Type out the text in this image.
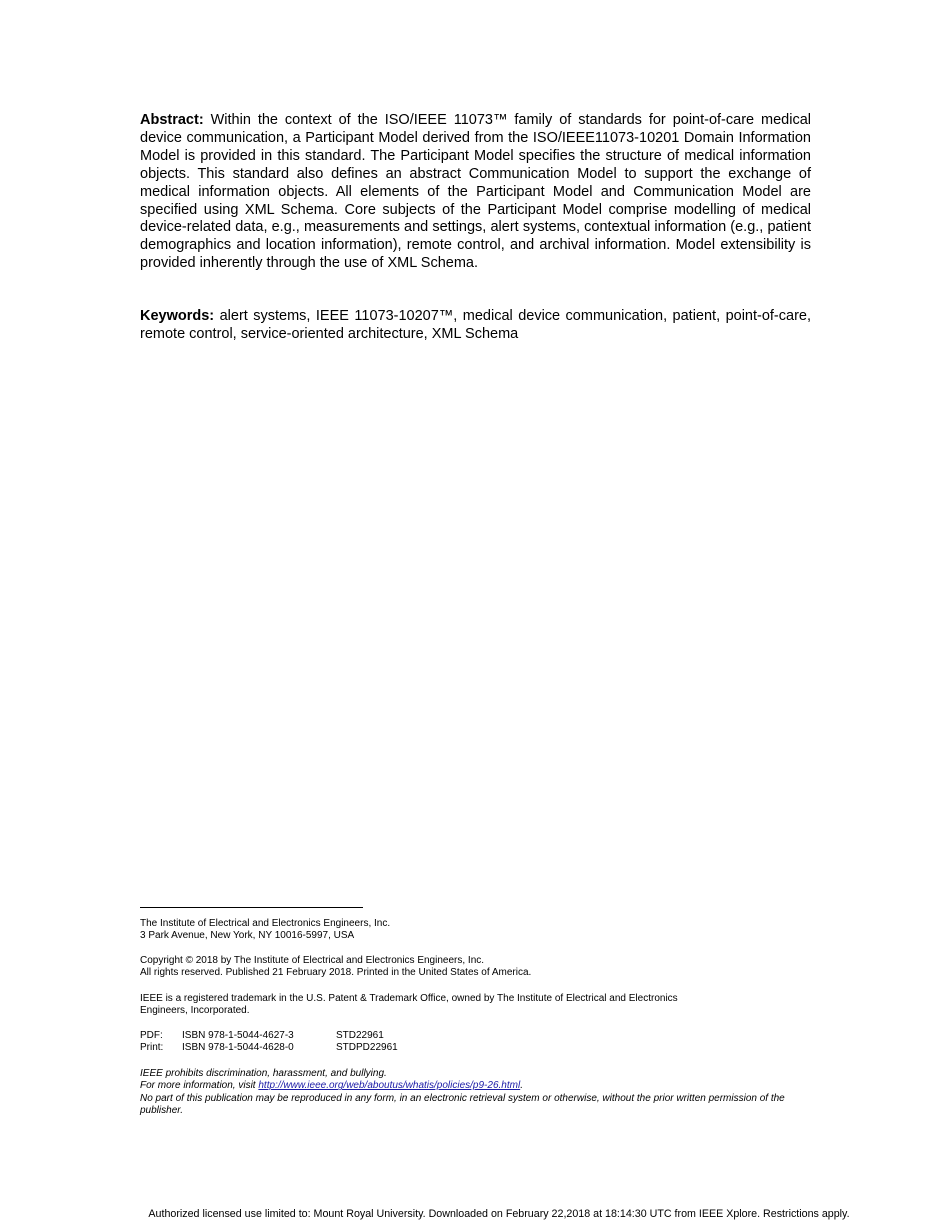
Abstract: Within the context of the ISO/IEEE 11073™ family of standards for point-of-care medical device communication, a Participant Model derived from the ISO/IEEE11073-10201 Domain Information Model is provided in this standard. The Participant Model specifies the structure of medical information objects. This standard also defines an abstract Communication Model to support the exchange of medical information objects. All elements of the Participant Model and Communication Model are specified using XML Schema. Core subjects of the Participant Model comprise modelling of medical device-related data, e.g., measurements and settings, alert systems, contextual information (e.g., patient demographics and location information), remote control, and archival information. Model extensibility is provided inherently through the use of XML Schema.

Keywords: alert systems, IEEE 11073-10207™, medical device communication, patient, point-of-care, remote control, service-oriented architecture, XML Schema

The Institute of Electrical and Electronics Engineers, Inc.

3 Park Avenue, New York, NY 10016-5997, USA

Copyright © 2018 by The Institute of Electrical and Electronics Engineers, Inc.

All rights reserved. Published 21 February 2018. Printed in the United States of America.

IEEE is a registered trademark in the U.S. Patent & Trademark Office, owned by The Institute of Electrical and Electronics

Engineers, Incorporated.

PDF:	ISBN 978-1-5044-4627-3	STD22961
Print:	ISBN 978-1-5044-4628-0	STDPD22961

IEEE prohibits discrimination, harassment, and bullying.

For more information, visit http://www.ieee.org/web/aboutus/whatis/policies/p9-26.html.

No part of this publication may be reproduced in any form, in an electronic retrieval system or otherwise, without the prior written permission of the publisher.

Authorized licensed use limited to: Mount Royal University. Downloaded on February 22,2018 at 18:14:30 UTC from IEEE Xplore. Restrictions apply.
